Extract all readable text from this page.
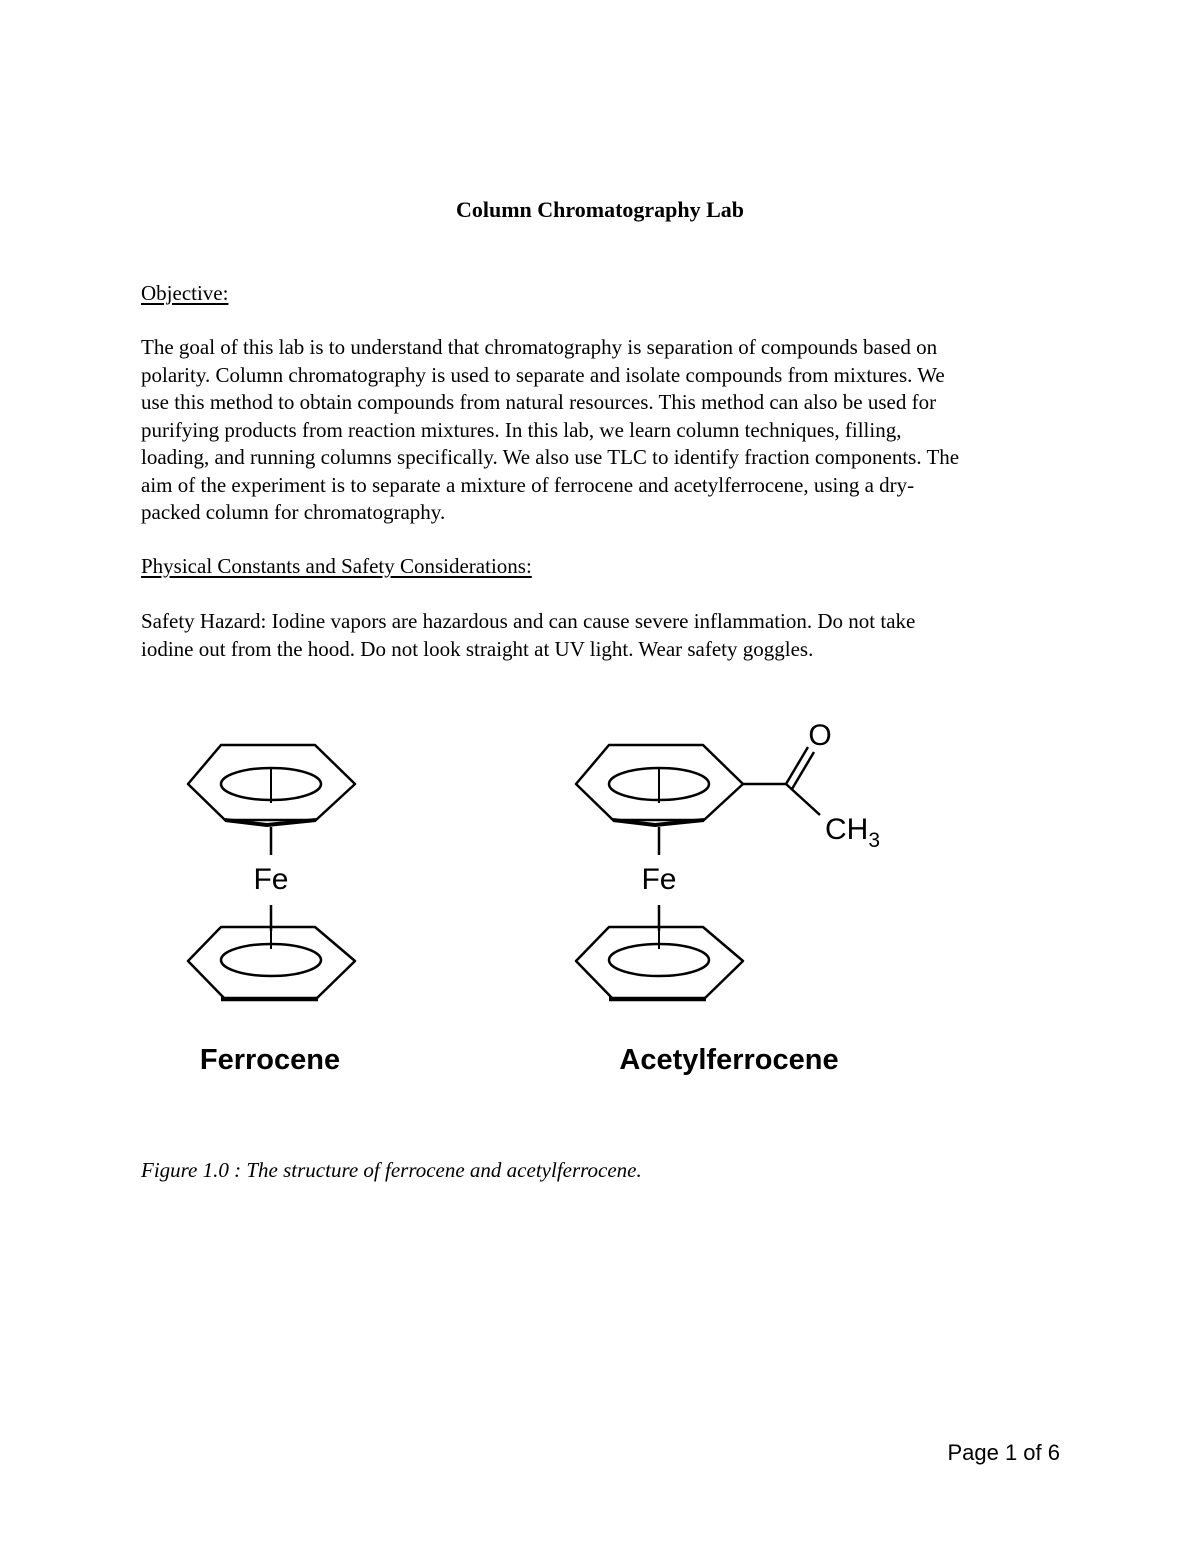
Column Chromatography Lab
Objective:

The goal of this lab is to understand that chromatography is separation of compounds based on
polarity. Column chromatography is used to separate and isolate compounds from mixtures. We
use this method to obtain compounds from natural resources. This method can also be used for
purifying products from reaction mixtures. In this lab, we learn column techniques, filling,
loading, and running columns specifically. We also use TLC to identify fraction components. The
aim of the experiment is to separate a mixture of ferrocene and acetylferrocene, using a dry-
packed column for chromatography.

Physical Constants and Safety Considerations:

Safety Hazard: Iodine vapors are hazardous and can cause severe inflammation. Do not take
iodine out from the hood. Do not look straight at UV light. Wear safety goggles.

Fe
Ferrocene
O
$CH_3$
Fe
Acetylferrocene
Figure 1.0 : The structure of ferrocene and acetylferrocene.
Page 1 of 6
